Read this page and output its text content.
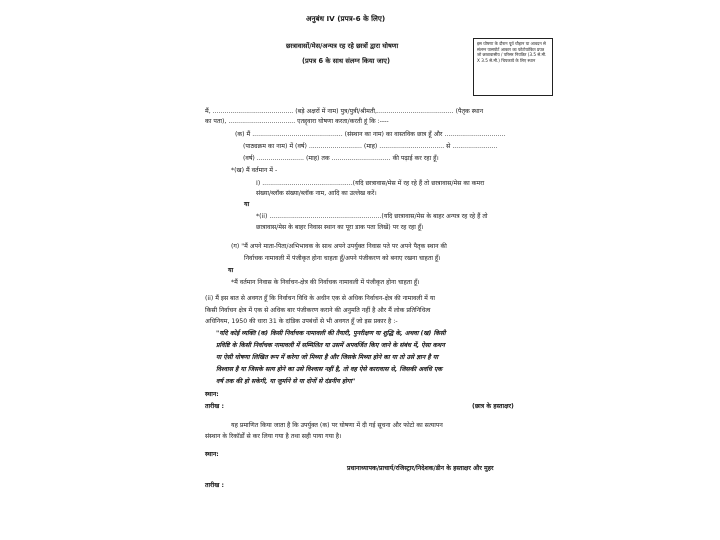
अनुबंध IV (प्रपत्र-6 के लिए)
छात्रावासों/मेस/अन्यत्र रह रहे छात्रों द्वारा घोषणा
(प्रपत्र 6 के साथ संलग्न किया जाए)
इस घोषणा के दौरान पूर्व चौहान या आवदन से संलग्न पासपोर्ट आकार का फोटोयांकित प्रपत्र जो छात्रावासीय / परिसर नियत्रित (3.5 से.मी. X 3.5 से.मी.) चिपकाये के लिए स्थान
मैं, ......................................... (बड़े अक्षरों में नाम) पुत्र/पुत्री/श्रीमती,....................................... (पैतृक स्थान
का पता), .................................. एतद्द्वारा घोषणा करता/करती हूं कि :----
(क) मैं .............................................. (संस्थान का नाम) का वास्तविक छात्र हूँ और ...............................
(पाठ्यक्रम का नाम) में (वर्ष) ........................... (माह) ................................. से .......................
(वर्ष) ........................ (माह) तक .............................. की पढ़ाई कर रहा हूँ।
*(ख) मैं वर्तमान में -
I) ..............................................(यदि छात्रावास/मेस में रह रहे हैं तो छात्रावास/मेस का कमरा
संख्या/ब्लॉक संख्या/ब्लॉक नाम, आदि का उल्लेख करें।
या
*(ii) .........................................................(यदि छात्रावास/मेस के बाहर अन्यत्र रह रहे हैं तो
छात्रावास/मेस के बाहर निवास स्थान का पूरा डाक पता लिखें) पर रह रहा हूँ।
(ग) "मैं अपने माता-पिता/अभिभावक के साथ अपने उपर्युक्त निवास पते पर अपने पैतृक स्थान की
निर्वाचक नामावली में पंजीकृत होना चाहता हूँ/अपने पंजीकरण को बनाए रखना चाहता हूँ।
या
*मैं वर्तमान निवास के निर्वाचन-क्षेत्र की निर्वाचक नामावली में पंजीकृत होना चाहता हूँ।
(ii) मैं इस बात से अवगत हूँ कि निर्वाचन विधि के अधीन एक से अधिक निर्वाचन-क्षेत्र की नामावली में या
किसी निर्वाचन क्षेत्र में एक से अधिक बार पंजीकरण कराने की अनुमति नहीं है और मैं लोक प्रतिनिधित्व
अधिनियम, 1950 की धारा 31 के दांडिक उपबंधों से भी अवगत हूँ जो इस प्रकार है :-
"यदि कोई व्यक्ति (क) किसी निर्वाचक नामावली की तैयारी, पुनरीक्षण या शुद्धि के, अथवा (ख) किसी
प्रविष्टि के किसी निर्वाचक नामावली में सम्मिलित या उसमें अपवर्जित किए जाने के संबंध में, ऐसा कथन
या ऐसी घोषणा लिखित रूप में करेगा जो मिथ्या है और जिसके मिथ्या होने का या तो उसे ज्ञान है या
विश्वास है या जिसके सत्य होने का उसे विश्वास नहीं है, तो वह ऐसे कारावास से, जिसकी अवधि एक
वर्ष तक की हो सकेगी, या जुर्माने से या दोनों से दंडनीय होगा"
स्थान:
तारीख :	(छात्र के हस्ताक्षर)
यह प्रमाणित किया जाता है कि उपर्युक्त (क) पर घोषणा में दी गई सूचना और फोटो का सत्यापन
संस्थान के रिकॉर्डों से कर लिया गया है तथा सही पाया गया है।
स्थान:
प्रधानाध्यापक/प्राचार्य/रजिस्ट्रार/निदेशक/डीन के हस्ताक्षर और मुहर
तारीख :
